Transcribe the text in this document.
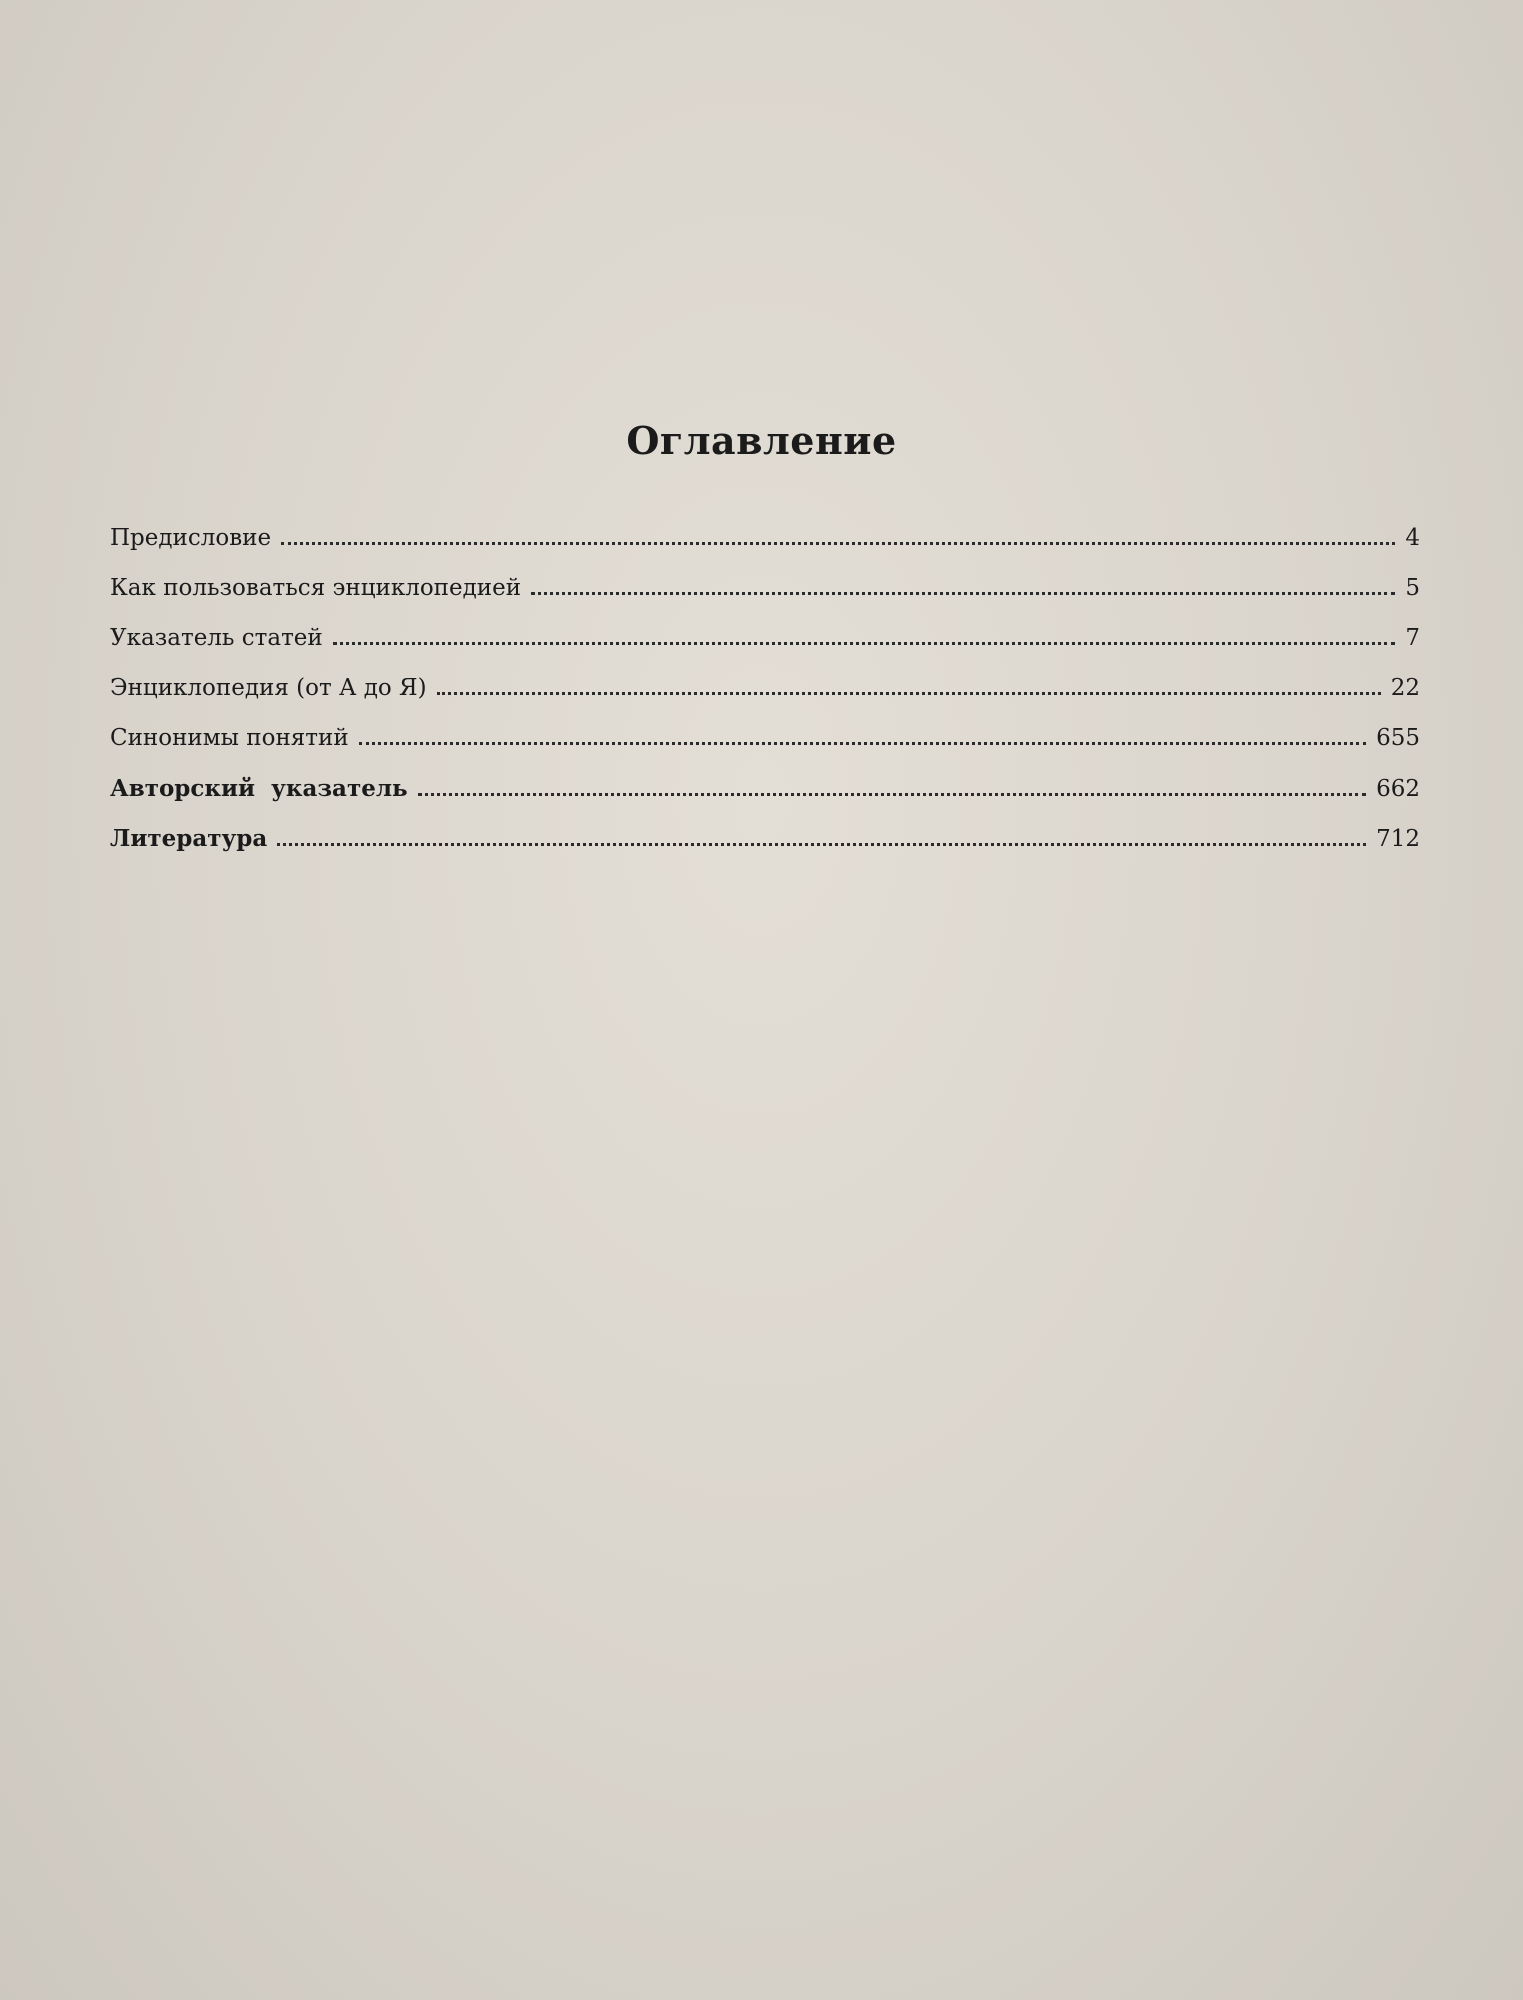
Оглавление
Предисловие	4
Как пользоваться энциклопедией	5
Указатель статей	7
Энциклопедия (от А до Я)	22
Синонимы понятий	655
Авторский  указатель	662
Литература	712
